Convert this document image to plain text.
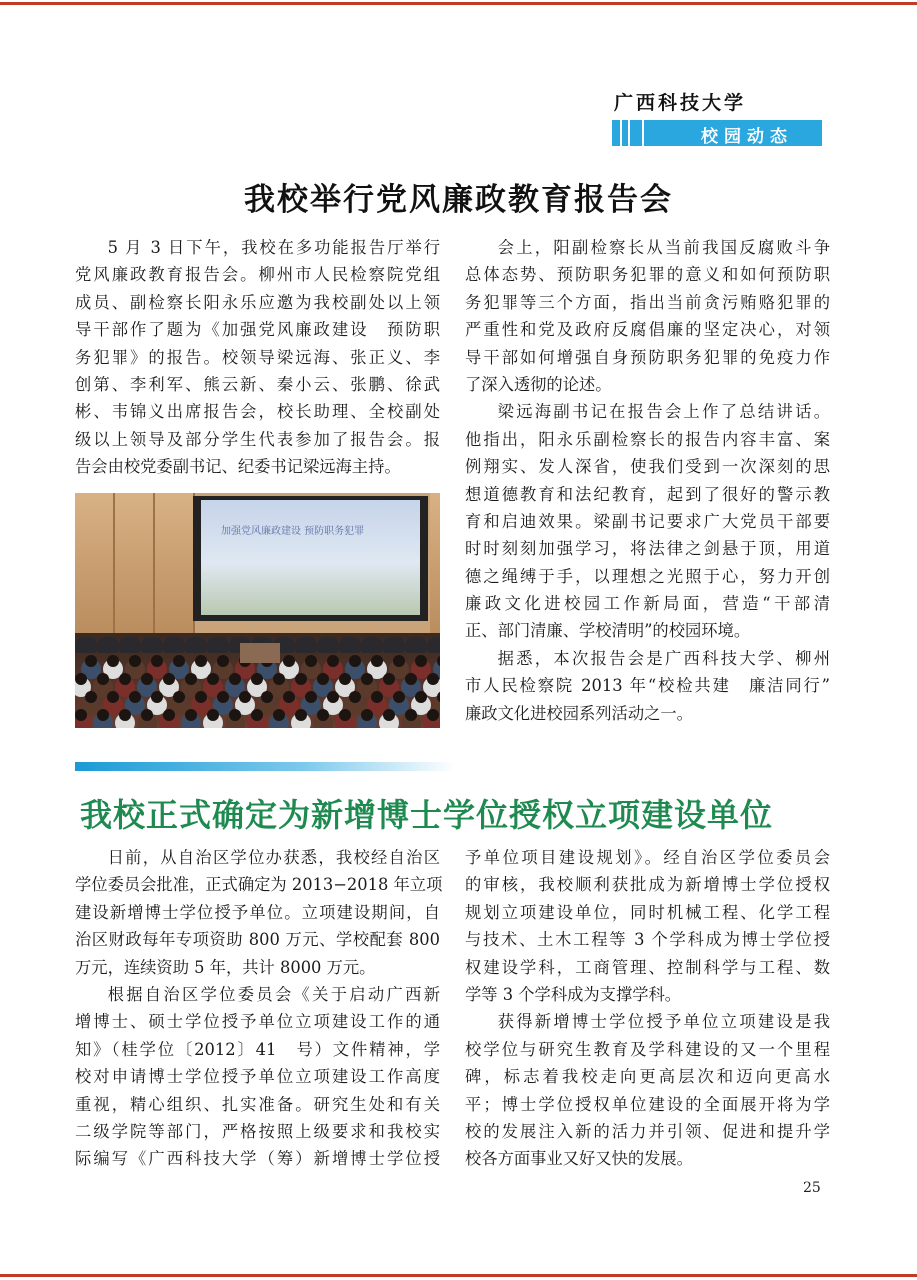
广西科技大学
校园动态
我校举行党风廉政教育报告会
5 月 3 日下午，我校在多功能报告厅举行
党风廉政教育报告会。柳州市人民检察院党组
成员、副检察长阳永乐应邀为我校副处以上领
导干部作了题为《加强党风廉政建设　预防职
务犯罪》的报告。校领导梁远海、张正义、李
创第、李利军、熊云新、秦小云、张鹏、徐武
彬、韦锦义出席报告会，校长助理、全校副处
级以上领导及部分学生代表参加了报告会。报
告会由校党委副书记、纪委书记梁远海主持。
会上，阳副检察长从当前我国反腐败斗争
总体态势、预防职务犯罪的意义和如何预防职
务犯罪等三个方面，指出当前贪污贿赂犯罪的
严重性和党及政府反腐倡廉的坚定决心，对领
导干部如何增强自身预防职务犯罪的免疫力作
了深入透彻的论述。
梁远海副书记在报告会上作了总结讲话。
他指出，阳永乐副检察长的报告内容丰富、案
例翔实、发人深省，使我们受到一次深刻的思
想道德教育和法纪教育，起到了很好的警示教
育和启迪效果。梁副书记要求广大党员干部要
时时刻刻加强学习，将法律之剑悬于顶，用道
德之绳缚于手，以理想之光照于心，努力开创
廉政文化进校园工作新局面，营造“干部清
正、部门清廉、学校清明”的校园环境。
据悉，本次报告会是广西科技大学、柳州
市人民检察院 2013 年“校检共建　廉洁同行”
廉政文化进校园系列活动之一。
加强党风廉政建设 预防职务犯罪
我校正式确定为新增博士学位授权立项建设单位
日前，从自治区学位办获悉，我校经自治区
学位委员会批准，正式确定为 2013−2018 年立项
建设新增博士学位授予单位。立项建设期间，自
治区财政每年专项资助 800 万元、学校配套 800
万元，连续资助 5 年，共计 8000 万元。
根据自治区学位委员会《关于启动广西新
增博士、硕士学位授予单位立项建设工作的通
知》（桂学位〔2012〕41　号）文件精神，学
校对申请博士学位授予单位立项建设工作高度
重视，精心组织、扎实准备。研究生处和有关
二级学院等部门，严格按照上级要求和我校实
际编写《广西科技大学（筹）新增博士学位授
予单位项目建设规划》。经自治区学位委员会
的审核，我校顺利获批成为新增博士学位授权
规划立项建设单位，同时机械工程、化学工程
与技术、土木工程等 3 个学科成为博士学位授
权建设学科，工商管理、控制科学与工程、数
学等 3 个学科成为支撑学科。
获得新增博士学位授予单位立项建设是我
校学位与研究生教育及学科建设的又一个里程
碑，标志着我校走向更高层次和迈向更高水
平；博士学位授权单位建设的全面展开将为学
校的发展注入新的活力并引领、促进和提升学
校各方面事业又好又快的发展。
25
